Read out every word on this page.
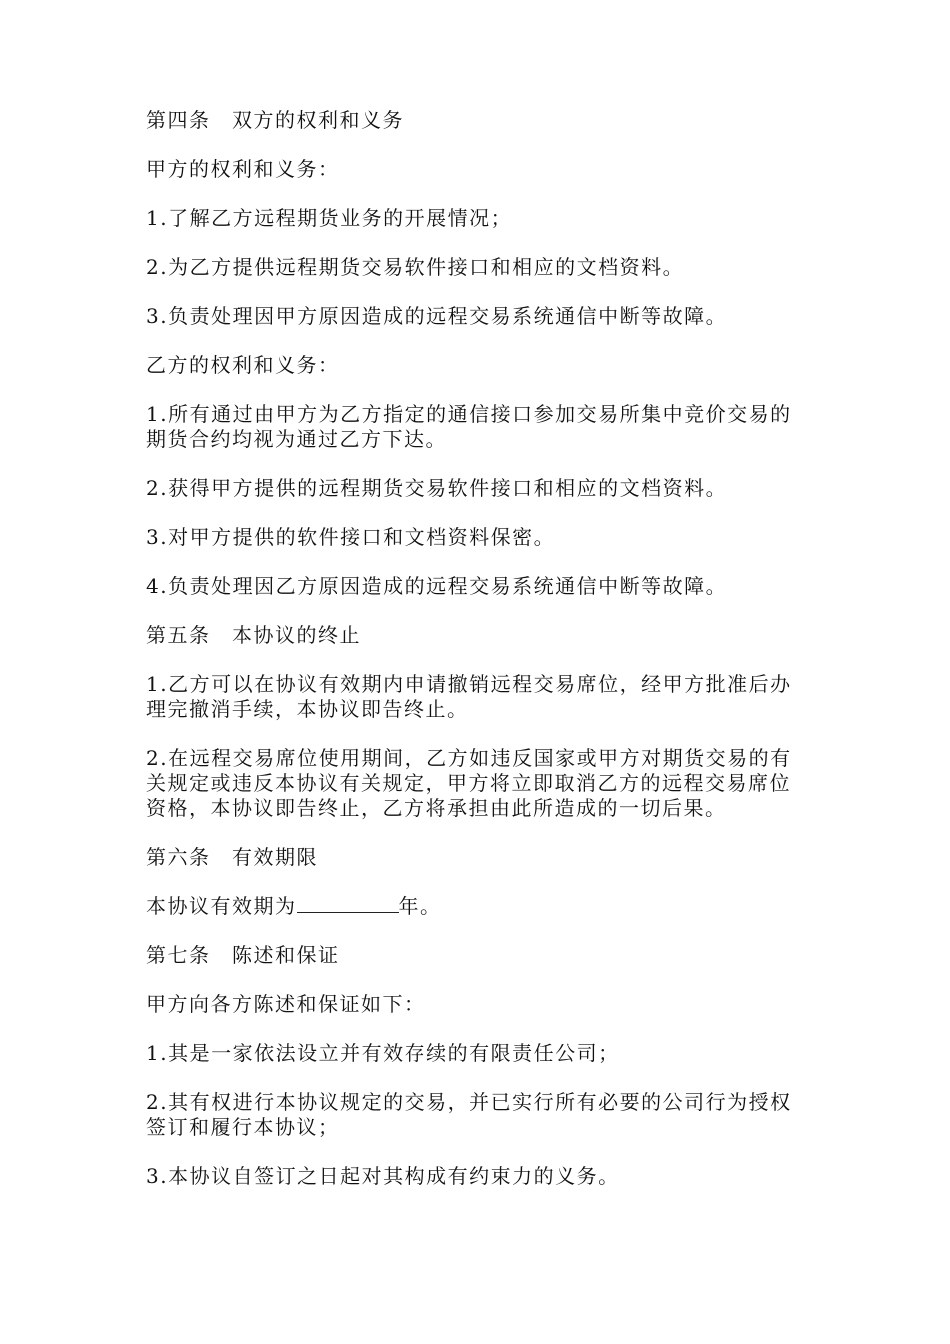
第四条　双方的权利和义务

甲方的权利和义务：

1.了解乙方远程期货业务的开展情况；

2.为乙方提供远程期货交易软件接口和相应的文档资料。

3.负责处理因甲方原因造成的远程交易系统通信中断等故障。

乙方的权利和义务：

1.所有通过由甲方为乙方指定的通信接口参加交易所集中竞价交易的期货合约均视为通过乙方下达。

2.获得甲方提供的远程期货交易软件接口和相应的文档资料。

3.对甲方提供的软件接口和文档资料保密。

4.负责处理因乙方原因造成的远程交易系统通信中断等故障。

第五条　本协议的终止

1.乙方可以在协议有效期内申请撤销远程交易席位，经甲方批准后办理完撤消手续，本协议即告终止。

2.在远程交易席位使用期间，乙方如违反国家或甲方对期货交易的有关规定或违反本协议有关规定，甲方将立即取消乙方的远程交易席位资格，本协议即告终止，乙方将承担由此所造成的一切后果。

第六条　有效期限

本协议有效期为	年。

第七条　陈述和保证

甲方向各方陈述和保证如下：

1.其是一家依法设立并有效存续的有限责任公司；

2.其有权进行本协议规定的交易，并已实行所有必要的公司行为授权签订和履行本协议；

3.本协议自签订之日起对其构成有约束力的义务。
